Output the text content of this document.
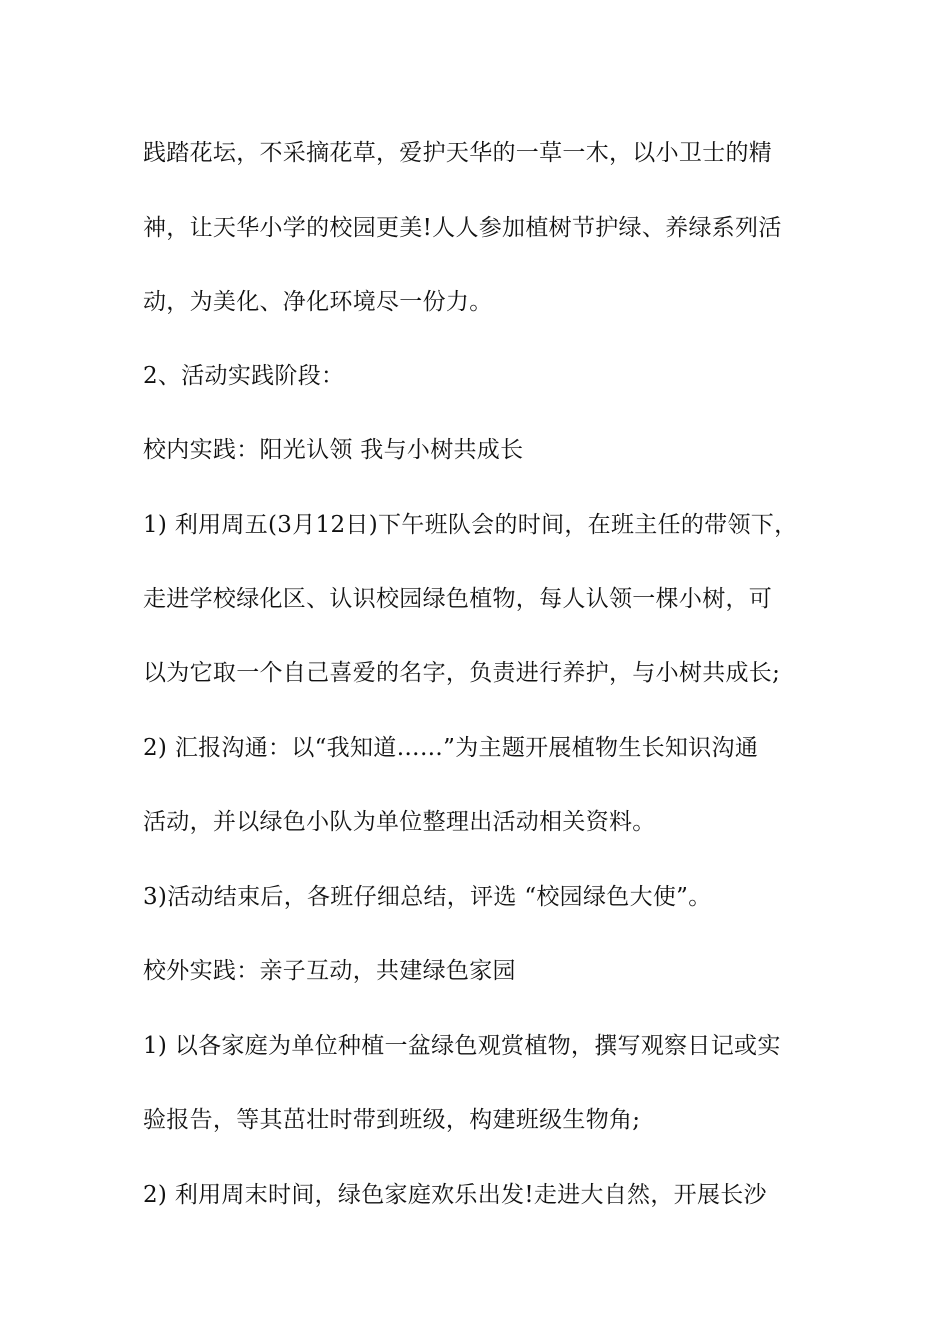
践踏花坛，不采摘花草，爱护天华的一草一木，以小卫士的精
神，让天华小学的校园更美!人人参加植树节护绿、养绿系列活
动，为美化、净化环境尽一份力。
2、活动实践阶段：
校内实践：阳光认领 我与小树共成长
1) 利用周五(3月12日)下午班队会的时间，在班主任的带领下，
走进学校绿化区、认识校园绿色植物，每人认领一棵小树，可
以为它取一个自己喜爱的名字，负责进行养护，与小树共成长;
2) 汇报沟通：以“我知道……”为主题开展植物生长知识沟通
活动，并以绿色小队为单位整理出活动相关资料。
3)活动结束后，各班仔细总结，评选 “校园绿色大使”。
校外实践：亲子互动，共建绿色家园
1) 以各家庭为单位种植一盆绿色观赏植物，撰写观察日记或实
验报告，等其茁壮时带到班级，构建班级生物角;
2) 利用周末时间，绿色家庭欢乐出发!走进大自然，开展长沙
